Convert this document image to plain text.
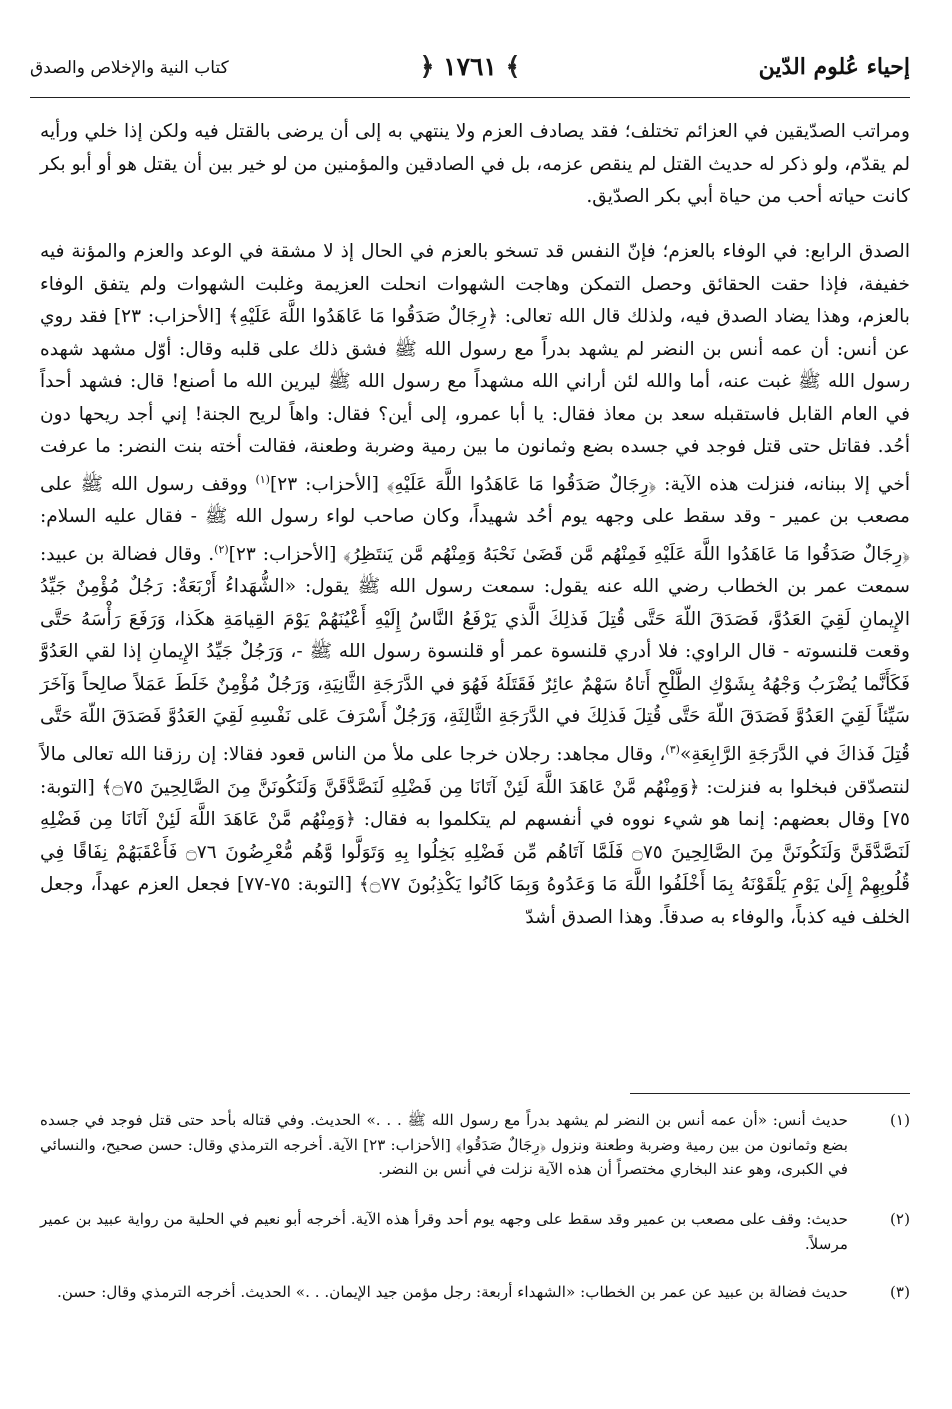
إحياء عُلوم الدّين
﴾ ١٧٦١ ﴿
كتاب النية والإخلاص والصدق
ومراتب الصدّيقين في العزائم تختلف؛ فقد يصادف العزم ولا ينتهي به إلى أن يرضى بالقتل فيه ولكن إذا خلي ورأيه لم يقدّم، ولو ذكر له حديث القتل لم ينقص عزمه، بل في الصادقين والمؤمنين من لو خير بين أن يقتل هو أو أبو بكر كانت حياته أحب من حياة أبي بكر الصدّيق.
الصدق الرابع: في الوفاء بالعزم؛ فإنّ النفس قد تسخو بالعزم في الحال إذ لا مشقة في الوعد والعزم والمؤنة فيه خفيفة، فإذا حقت الحقائق وحصل التمكن وهاجت الشهوات انحلت العزيمة وغلبت الشهوات ولم يتفق الوفاء بالعزم، وهذا يضاد الصدق فيه، ولذلك قال الله تعالى: ﴿رِجَالٌ صَدَقُوا مَا عَاهَدُوا اللَّهَ عَلَيْهِ﴾ [الأحزاب: ٢٣] فقد روي عن أنس: أن عمه أنس بن النضر لم يشهد بدراً مع رسول الله ﷺ فشق ذلك على قلبه وقال: أوّل مشهد شهده رسول الله ﷺ غبت عنه، أما والله لئن أراني الله مشهداً مع رسول الله ﷺ ليرين الله ما أصنع! قال: فشهد أحداً في العام القابل فاستقبله سعد بن معاذ فقال: يا أبا عمرو، إلى أين؟ فقال: واهاً لريح الجنة! إني أجد ريحها دون أحُد. فقاتل حتى قتل فوجد في جسده بضع وثمانون ما بين رمية وضربة وطعنة، فقالت أخته بنت النضر: ما عرفت أخي إلا ببنانه، فنزلت هذه الآية: ﴿رِجَالٌ صَدَقُوا مَا عَاهَدُوا اللَّهَ عَلَيْهِ﴾ [الأحزاب: ٢٣]$^{(١)}$ ووقف رسول الله ﷺ على مصعب بن عمير - وقد سقط على وجهه يوم أحُد شهيداً، وكان صاحب لواء رسول الله ﷺ - فقال عليه السلام: ﴿رِجَالٌ صَدَقُوا مَا عَاهَدُوا اللَّهَ عَلَيْهِ فَمِنْهُم مَّن قَضَىٰ نَحْبَهُ وَمِنْهُم مَّن يَنتَظِرُ﴾ [الأحزاب: ٢٣]$^{(٢)}$. وقال فضالة بن عبيد: سمعت عمر بن الخطاب رضي الله عنه يقول: سمعت رسول الله ﷺ يقول: «الشُّهَداءُ أَرْبَعَةٌ: رَجُلٌ مُؤْمِنٌ جَيِّدُ الإِيمانِ لَقِيَ العَدُوَّ، فَصَدَقَ اللّهَ حَتَّى قُتِلَ فَذلِكَ الَّذي يَرْفَعُ النَّاسُ إِلَيْهِ أَعْيُنَهُمْ يَوْمَ القِيامَةِ هكَذا، وَرَفَعَ رَأْسَهُ حَتَّى وقعت قلنسوته - قال الراوي: فلا أدري قلنسوة عمر أو قلنسوة رسول الله ﷺ -، وَرَجُلٌ جَيِّدُ الإِيمانِ إذا لقي العَدُوَّ فَكَأَنَّما يُضْرَبُ وَجْهُهُ بِشَوْكِ الطَّلْحِ أَتاهُ سَهْمٌ عائِرٌ فَقَتَلَهُ فَهُوَ في الدَّرَجَةِ الثَّانِيَةِ، وَرَجُلٌ مُؤْمِنٌ خَلَطَ عَمَلاً صالِحاً وَآخَرَ سَيِّئاً لَقِيَ العَدُوَّ فَصَدَقَ اللّهَ حَتَّى قُتِلَ فَذلِكَ في الدَّرَجَةِ الثَّالِثَةِ، وَرَجُلٌ أَسْرَفَ عَلى نَفْسِهِ لَقِيَ العَدُوَّ فَصَدَقَ اللّهَ حَتَّى قُتِلَ فَذاكَ في الدَّرَجَةِ الرَّابِعَةِ»$^{(٣)}$، وقال مجاهد: رجلان خرجا على ملأ من الناس قعود فقالا: إن رزقنا الله تعالى مالاً لنتصدّقن فبخلوا به فنزلت: ﴿وَمِنْهُم مَّنْ عَاهَدَ اللَّهَ لَئِنْ آتَانَا مِن فَضْلِهِ لَنَصَّدَّقَنَّ وَلَنَكُونَنَّ مِنَ الصَّالِحِينَ ۝٧٥﴾ [التوبة: ٧٥] وقال بعضهم: إنما هو شيء نووه في أنفسهم لم يتكلموا به فقال: ﴿وَمِنْهُم مَّنْ عَاهَدَ اللَّهَ لَئِنْ آتَانَا مِن فَضْلِهِ لَنَصَّدَّقَنَّ وَلَنَكُونَنَّ مِنَ الصَّالِحِينَ ۝٧٥ فَلَمَّا آتَاهُم مِّن فَضْلِهِ بَخِلُوا بِهِ وَتَوَلَّوا وَّهُم مُّعْرِضُونَ ۝٧٦ فَأَعْقَبَهُمْ نِفَاقًا فِي قُلُوبِهِمْ إِلَىٰ يَوْمِ يَلْقَوْنَهُ بِمَا أَخْلَفُوا اللَّهَ مَا وَعَدُوهُ وَبِمَا كَانُوا يَكْذِبُونَ ۝٧٧﴾ [التوبة: ٧٥-٧٧] فجعل العزم عهداً، وجعل الخلف فيه كذباً، والوفاء به صدقاً. وهذا الصدق أشدّ
(١)
حديث أنس: «أن عمه أنس بن النضر لم يشهد بدراً مع رسول الله ﷺ . . .» الحديث. وفي قتاله بأحد حتى قتل فوجد في جسده بضع وثمانون من بين رمية وضربة وطعنة ونزول ﴿رِجَالٌ صَدَقُوا﴾ [الأحزاب: ٢٣] الآية. أخرجه الترمذي وقال: حسن صحيح، والنسائي في الكبرى، وهو عند البخاري مختصراً أن هذه الآية نزلت في أنس بن النضر.
(٢)
حديث: وقف على مصعب بن عمير وقد سقط على وجهه يوم أحد وقرأ هذه الآية. أخرجه أبو نعيم في الحلية من رواية عبيد بن عمير مرسلاً.
(٣)
حديث فضالة بن عبيد عن عمر بن الخطاب: «الشهداء أربعة: رجل مؤمن جيد الإيمان. . .» الحديث. أخرجه الترمذي وقال: حسن.
